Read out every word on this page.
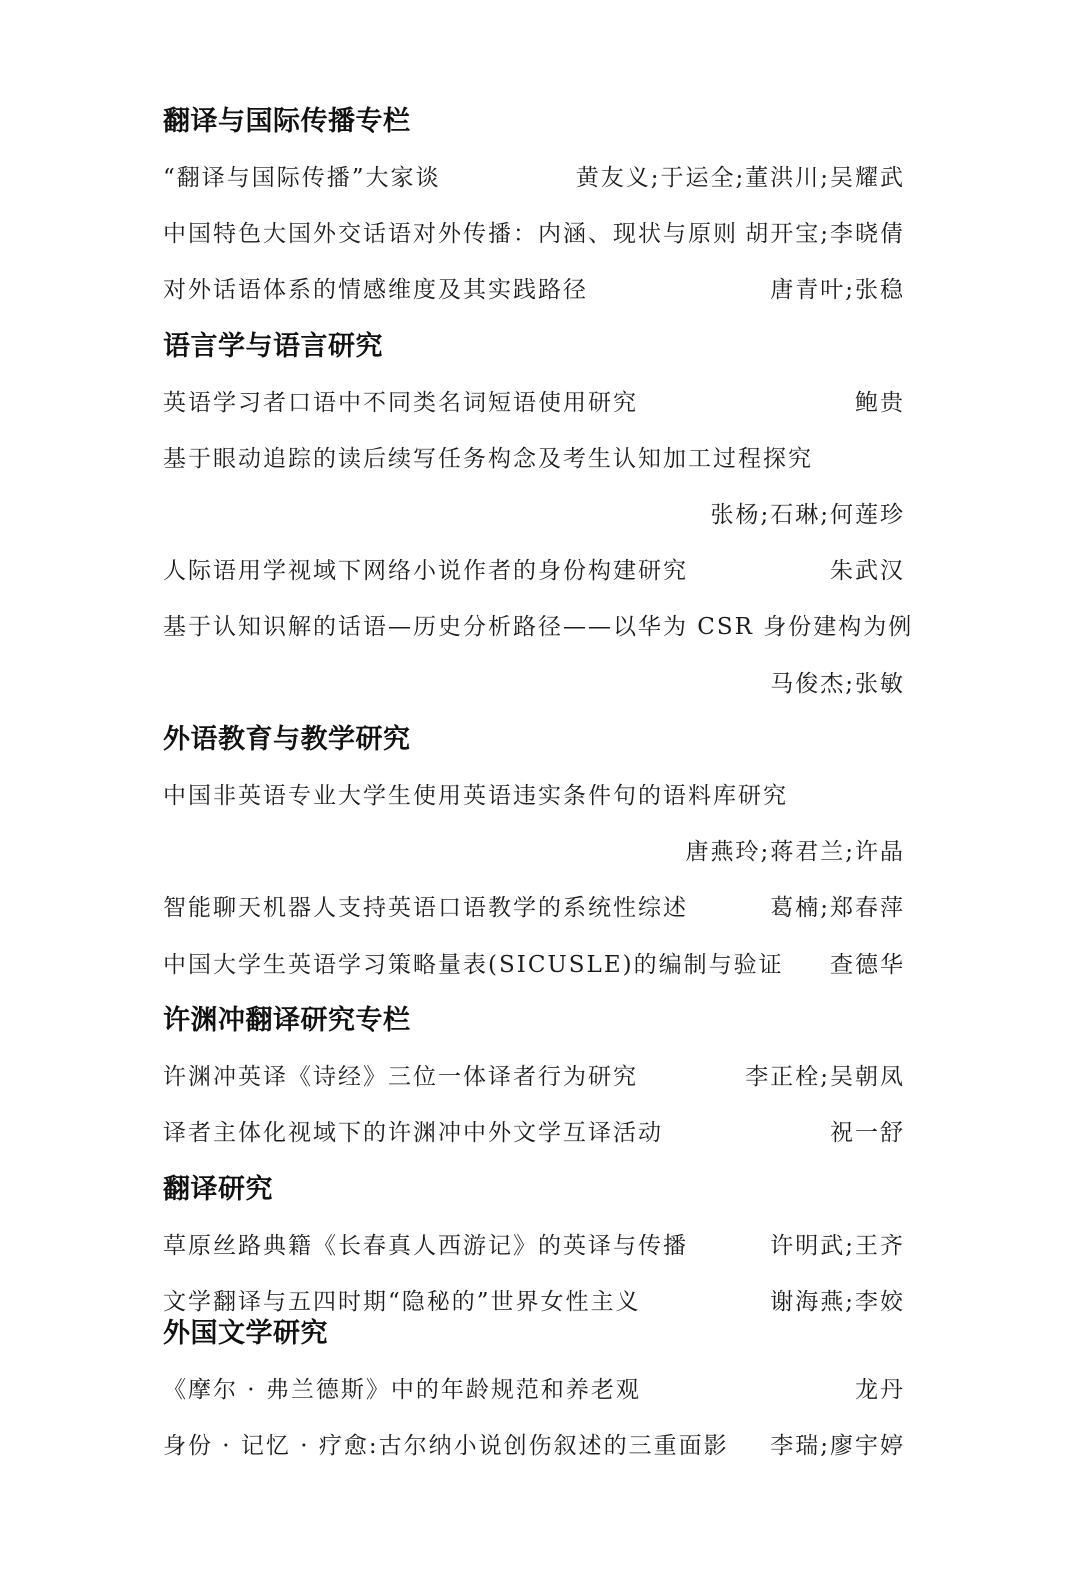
翻译与国际传播专栏
“翻译与国际传播”大家谈	黄友义;于运全;董洪川;吴耀武
中国特色大国外交话语对外传播：内涵、现状与原则 胡开宝;李晓倩
对外话语体系的情感维度及其实践路径	唐青叶;张稳
语言学与语言研究
英语学习者口语中不同类名词短语使用研究	鲍贵
基于眼动追踪的读后续写任务构念及考生认知加工过程探究
张杨;石琳;何莲珍
人际语用学视域下网络小说作者的身份构建研究	朱武汉
基于认知识解的话语—历史分析路径——以华为 CSR 身份建构为例
马俊杰;张敏
外语教育与教学研究
中国非英语专业大学生使用英语违实条件句的语料库研究
唐燕玲;蒋君兰;许晶
智能聊天机器人支持英语口语教学的系统性综述	葛楠;郑春萍
中国大学生英语学习策略量表(SICUSLE)的编制与验证 查德华
许渊冲翻译研究专栏
许渊冲英译《诗经》三位一体译者行为研究	李正栓;吴朝凤
译者主体化视域下的许渊冲中外文学互译活动	祝一舒
翻译研究
草原丝路典籍《长春真人西游记》的英译与传播	许明武;王齐
文学翻译与五四时期“隐秘的”世界女性主义	谢海燕;李姣
外国文学研究
《摩尔 · 弗兰德斯》中的年龄规范和养老观	龙丹
身份 · 记忆 · 疗愈:古尔纳小说创伤叙述的三重面影 李瑞;廖宇婷
